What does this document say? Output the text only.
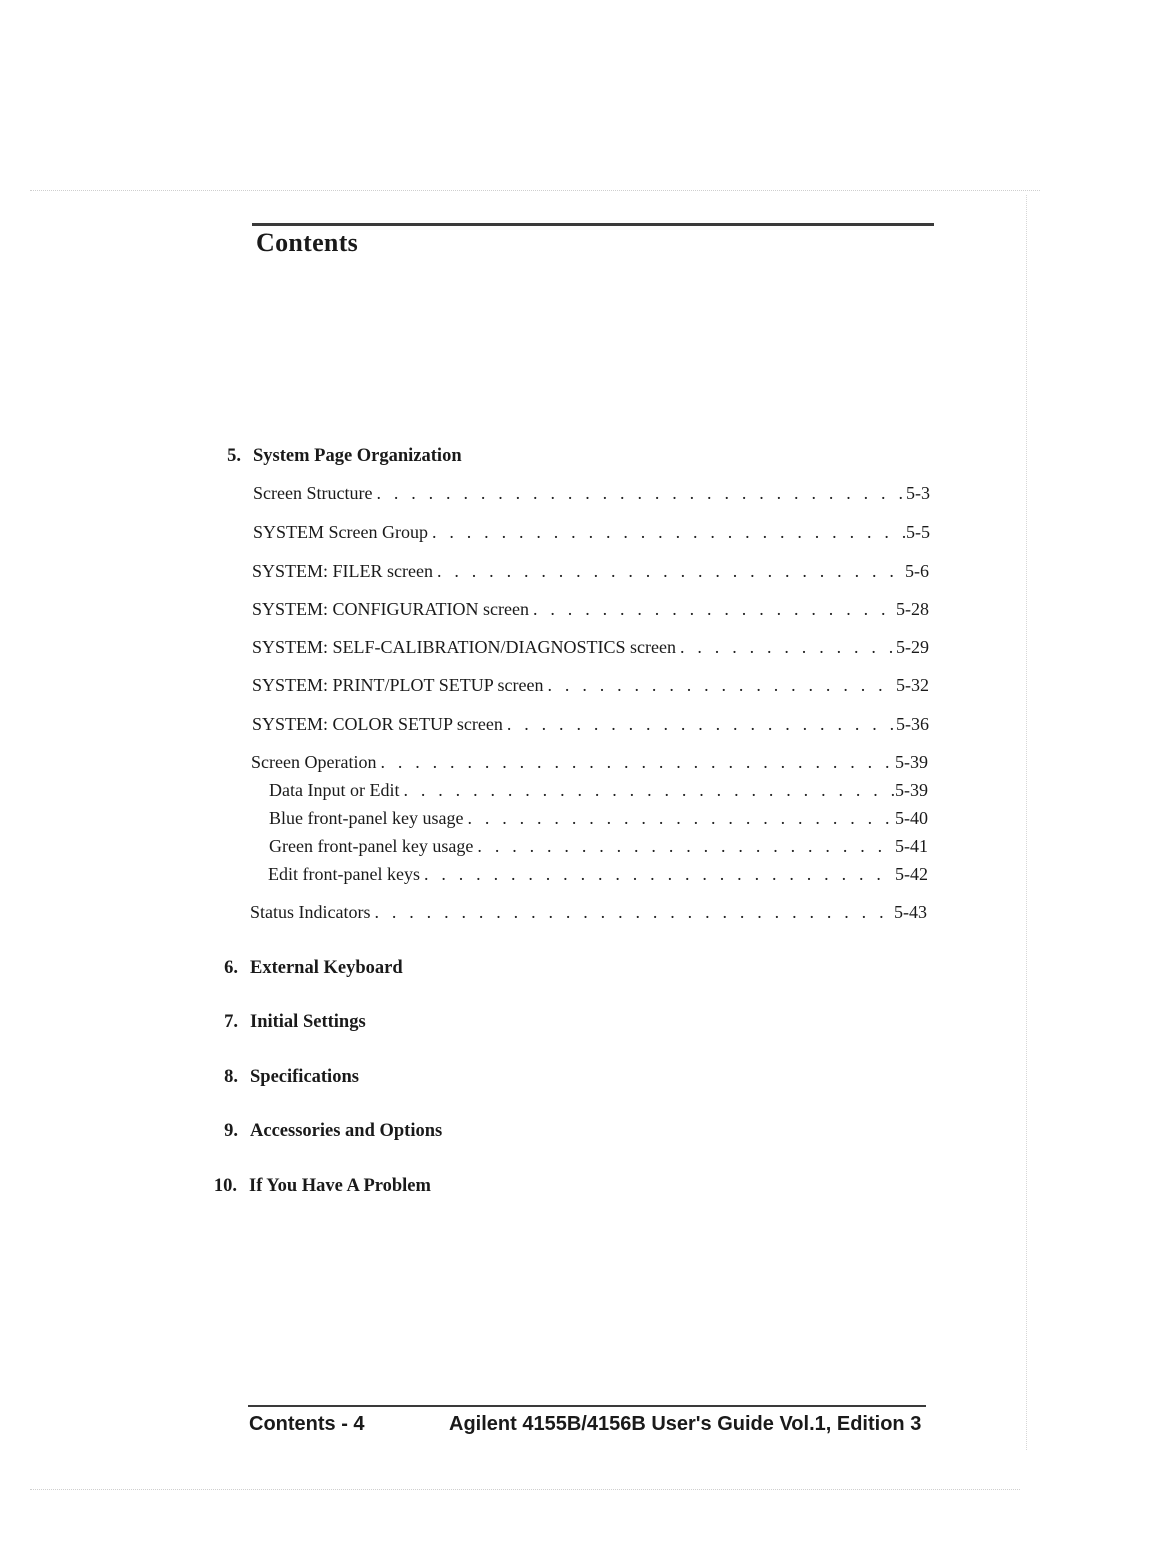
Contents
5. System Page Organization
Screen Structure . . .	5-3
SYSTEM Screen Group . . .	5-5
SYSTEM: FILER screen . . .	5-6
SYSTEM: CONFIGURATION screen . . .	5-28
SYSTEM: SELF-CALIBRATION/DIAGNOSTICS screen . . .	5-29
SYSTEM: PRINT/PLOT SETUP screen . . .	5-32
SYSTEM: COLOR SETUP screen . . .	5-36
Screen Operation . . .	5-39
Data Input or Edit . . .	5-39
Blue front-panel key usage . . .	5-40
Green front-panel key usage . . .	5-41
Edit front-panel keys . . .	5-42
Status Indicators . . .	5-43
6. External Keyboard
7. Initial Settings
8. Specifications
9. Accessories and Options
10. If You Have A Problem
Contents - 4	Agilent 4155B/4156B User's Guide Vol.1, Edition 3
